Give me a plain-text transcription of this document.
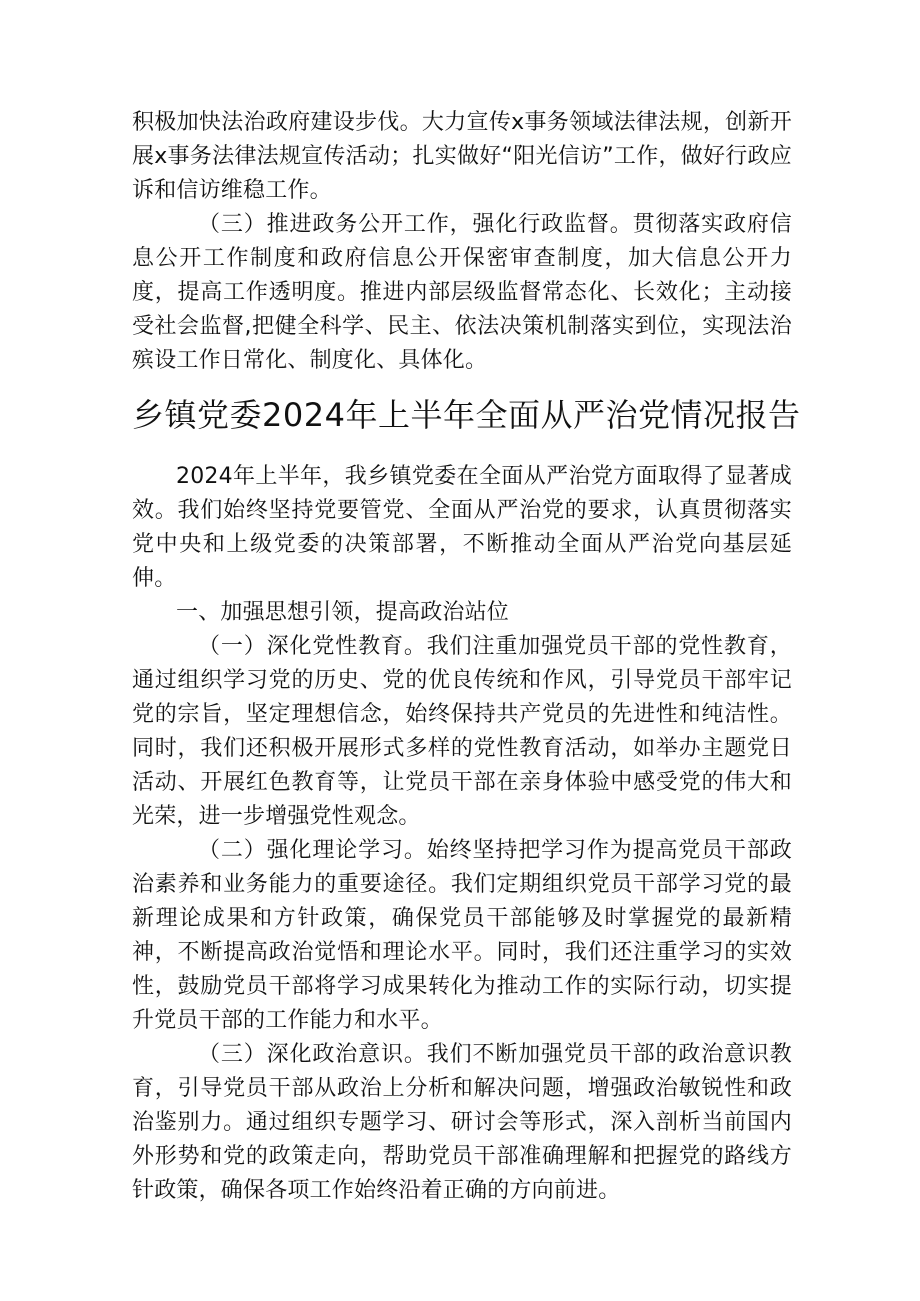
积极加快法治政府建设步伐。大力宣传x事务领域法律法规，创新开展x事务法律法规宣传活动；扎实做好“阳光信访”工作，做好行政应诉和信访维稳工作。

（三）推进政务公开工作，强化行政监督。贯彻落实政府信息公开工作制度和政府信息公开保密审查制度，加大信息公开力度，提高工作透明度。推进内部层级监督常态化、长效化；主动接受社会监督,把健全科学、民主、依法决策机制落实到位，实现法治殡设工作日常化、制度化、具体化。

乡镇党委2024年上半年全面从严治党情况报告

2024年上半年，我乡镇党委在全面从严治党方面取得了显著成效。我们始终坚持党要管党、全面从严治党的要求，认真贯彻落实党中央和上级党委的决策部署，不断推动全面从严治党向基层延伸。

一、加强思想引领，提高政治站位

（一）深化党性教育。我们注重加强党员干部的党性教育，通过组织学习党的历史、党的优良传统和作风，引导党员干部牢记党的宗旨，坚定理想信念，始终保持共产党员的先进性和纯洁性。同时，我们还积极开展形式多样的党性教育活动，如举办主题党日活动、开展红色教育等，让党员干部在亲身体验中感受党的伟大和光荣，进一步增强党性观念。

（二）强化理论学习。始终坚持把学习作为提高党员干部政治素养和业务能力的重要途径。我们定期组织党员干部学习党的最新理论成果和方针政策，确保党员干部能够及时掌握党的最新精神，不断提高政治觉悟和理论水平。同时，我们还注重学习的实效性，鼓励党员干部将学习成果转化为推动工作的实际行动，切实提升党员干部的工作能力和水平。

（三）深化政治意识。我们不断加强党员干部的政治意识教育，引导党员干部从政治上分析和解决问题，增强政治敏锐性和政治鉴别力。通过组织专题学习、研讨会等形式，深入剖析当前国内外形势和党的政策走向，帮助党员干部准确理解和把握党的路线方针政策，确保各项工作始终沿着正确的方向前进。
